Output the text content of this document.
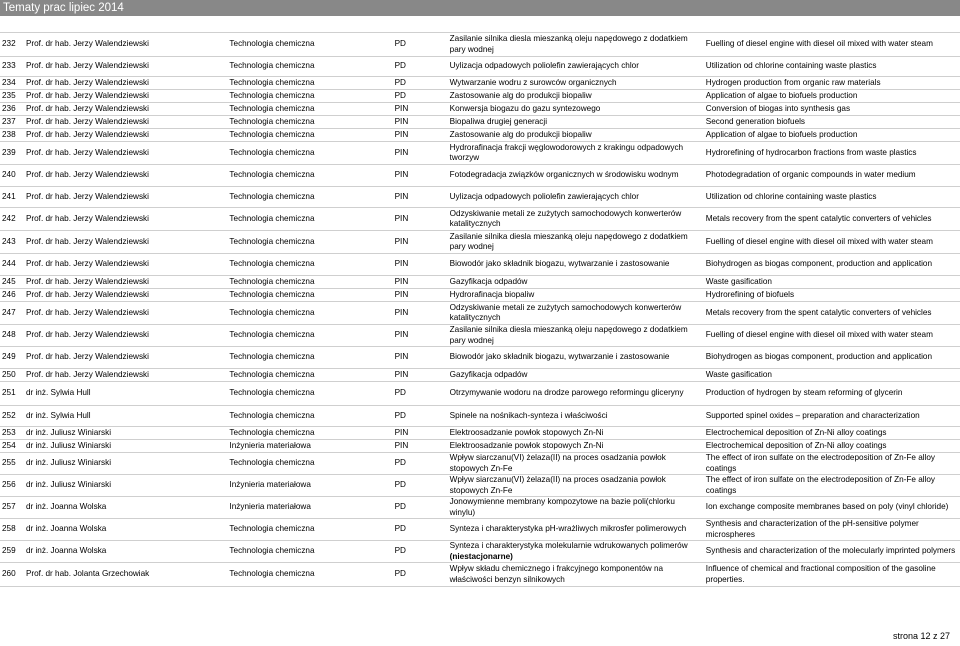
Tematy prac lipiec 2014
232	Prof. dr hab. Jerzy Walendziewski	Technologia chemiczna	PD	Zasilanie silnika diesla mieszanką oleju napędowego z dodatkiem pary wodnej	Fuelling of diesel engine with diesel oil mixed with water steam
233	Prof. dr hab. Jerzy Walendziewski	Technologia chemiczna	PD	Uylizacja odpadowych poliolefin zawierających chlor	Utilization od chlorine containing waste plastics
234	Prof. dr hab. Jerzy Walendziewski	Technologia chemiczna	PD	Wytwarzanie wodru z surowców organicznych	Hydrogen production from organic raw materials
235	Prof. dr hab. Jerzy Walendziewski	Technologia chemiczna	PD	Zastosowanie alg do produkcji biopaliw	Application of algae to biofuels production
236	Prof. dr hab. Jerzy Walendziewski	Technologia chemiczna	PIN	Konwersja biogazu do gazu syntezowego	Conversion of biogas into synthesis gas
237	Prof. dr hab. Jerzy Walendziewski	Technologia chemiczna	PIN	Biopaliwa drugiej generacji	Second generation biofuels
238	Prof. dr hab. Jerzy Walendziewski	Technologia chemiczna	PIN	Zastosowanie alg do produkcji biopaliw	Application of algae to biofuels production
239	Prof. dr hab. Jerzy Walendziewski	Technologia chemiczna	PIN	Hydrorafinacja frakcji węglowodorowych z krakingu odpadowych tworzyw	Hydrorefining of hydrocarbon fractions from waste plastics
240	Prof. dr hab. Jerzy Walendziewski	Technologia chemiczna	PIN	Fotodegradacja związków organicznych w środowisku wodnym	Photodegradation of organic compounds in water medium
241	Prof. dr hab. Jerzy Walendziewski	Technologia chemiczna	PIN	Uylizacja odpadowych poliolefin zawierających chlor	Utilization od chlorine containing waste plastics
242	Prof. dr hab. Jerzy Walendziewski	Technologia chemiczna	PIN	Odzyskiwanie metali ze zużytych samochodowych konwerterów katalitycznych	Metals recovery from the spent catalytic converters of vehicles
243	Prof. dr hab. Jerzy Walendziewski	Technologia chemiczna	PIN	Zasilanie silnika diesla mieszanką oleju napędowego z dodatkiem pary wodnej	Fuelling of diesel engine with diesel oil mixed with water steam
244	Prof. dr hab. Jerzy Walendziewski	Technologia chemiczna	PIN	Biowodór jako składnik biogazu, wytwarzanie i zastosowanie	Biohydrogen as biogas component, production and application
245	Prof. dr hab. Jerzy Walendziewski	Technologia chemiczna	PIN	Gazyfikacja odpadów	Waste gasification
246	Prof. dr hab. Jerzy Walendziewski	Technologia chemiczna	PIN	Hydrorafinacja biopaliw	Hydrorefining of biofuels
247	Prof. dr hab. Jerzy Walendziewski	Technologia chemiczna	PIN	Odzyskiwanie metali ze zużytych samochodowych konwerterów katalitycznych	Metals recovery from the spent catalytic converters of vehicles
248	Prof. dr hab. Jerzy Walendziewski	Technologia chemiczna	PIN	Zasilanie silnika diesla mieszanką oleju napędowego z dodatkiem pary wodnej	Fuelling of diesel engine with diesel oil mixed with water steam
249	Prof. dr hab. Jerzy Walendziewski	Technologia chemiczna	PIN	Biowodór jako składnik biogazu, wytwarzanie i zastosowanie	Biohydrogen as biogas component, production and application
250	Prof. dr hab. Jerzy Walendziewski	Technologia chemiczna	PIN	Gazyfikacja odpadów	Waste gasification
251	dr inż. Sylwia Hull	Technologia chemiczna	PD	Otrzymywanie wodoru na drodze parowego reformingu gliceryny	Production of hydrogen by steam reforming of glycerin
252	dr inż. Sylwia Hull	Technologia chemiczna	PD	Spinele na nośnikach-synteza i właściwości	Supported spinel oxides – preparation and characterization
253	dr inż. Juliusz Winiarski	Technologia chemiczna	PIN	Elektroosadzanie powłok stopowych Zn-Ni	Electrochemical deposition of Zn-Ni alloy coatings
254	dr inż. Juliusz Winiarski	Inżynieria materiałowa	PIN	Elektroosadzanie powłok stopowych Zn-Ni	Electrochemical deposition of Zn-Ni alloy coatings
255	dr inż. Juliusz Winiarski	Technologia chemiczna	PD	Wpływ siarczanu(VI) żelaza(II) na proces osadzania powłok stopowych Zn-Fe	The effect of iron sulfate on the electrodeposition of Zn-Fe alloy coatings
256	dr inż. Juliusz Winiarski	Inżynieria materiałowa	PD	Wpływ siarczanu(VI) żelaza(II) na proces osadzania powłok stopowych Zn-Fe	The effect of iron sulfate on the electrodeposition of Zn-Fe alloy coatings
257	dr inż. Joanna Wolska	Inżynieria materiałowa	PD	Jonowymienne membrany kompozytowe na bazie poli(chlorku winylu)	Ion exchange composite membranes based on poly (vinyl chloride)
258	dr inż. Joanna Wolska	Technologia chemiczna	PD	Synteza i charakterystyka pH-wrażliwych mikrosfer polimerowych	Synthesis and characterization of the pH-sensitive polymer microspheres
259	dr inż. Joanna Wolska	Technologia chemiczna	PD	Synteza i charakterystyka molekularnie wdrukowanych polimerów (niestacjonarne)	Synthesis and characterization of the molecularly imprinted polymers
260	Prof. dr hab. Jolanta Grzechowiak	Technologia chemiczna	PD	Wpływ składu chemicznego i frakcyjnego komponentów na właściwości benzyn silnikowych	Influence of chemical and fractional composition of the gasoline properties.
strona 12 z 27
